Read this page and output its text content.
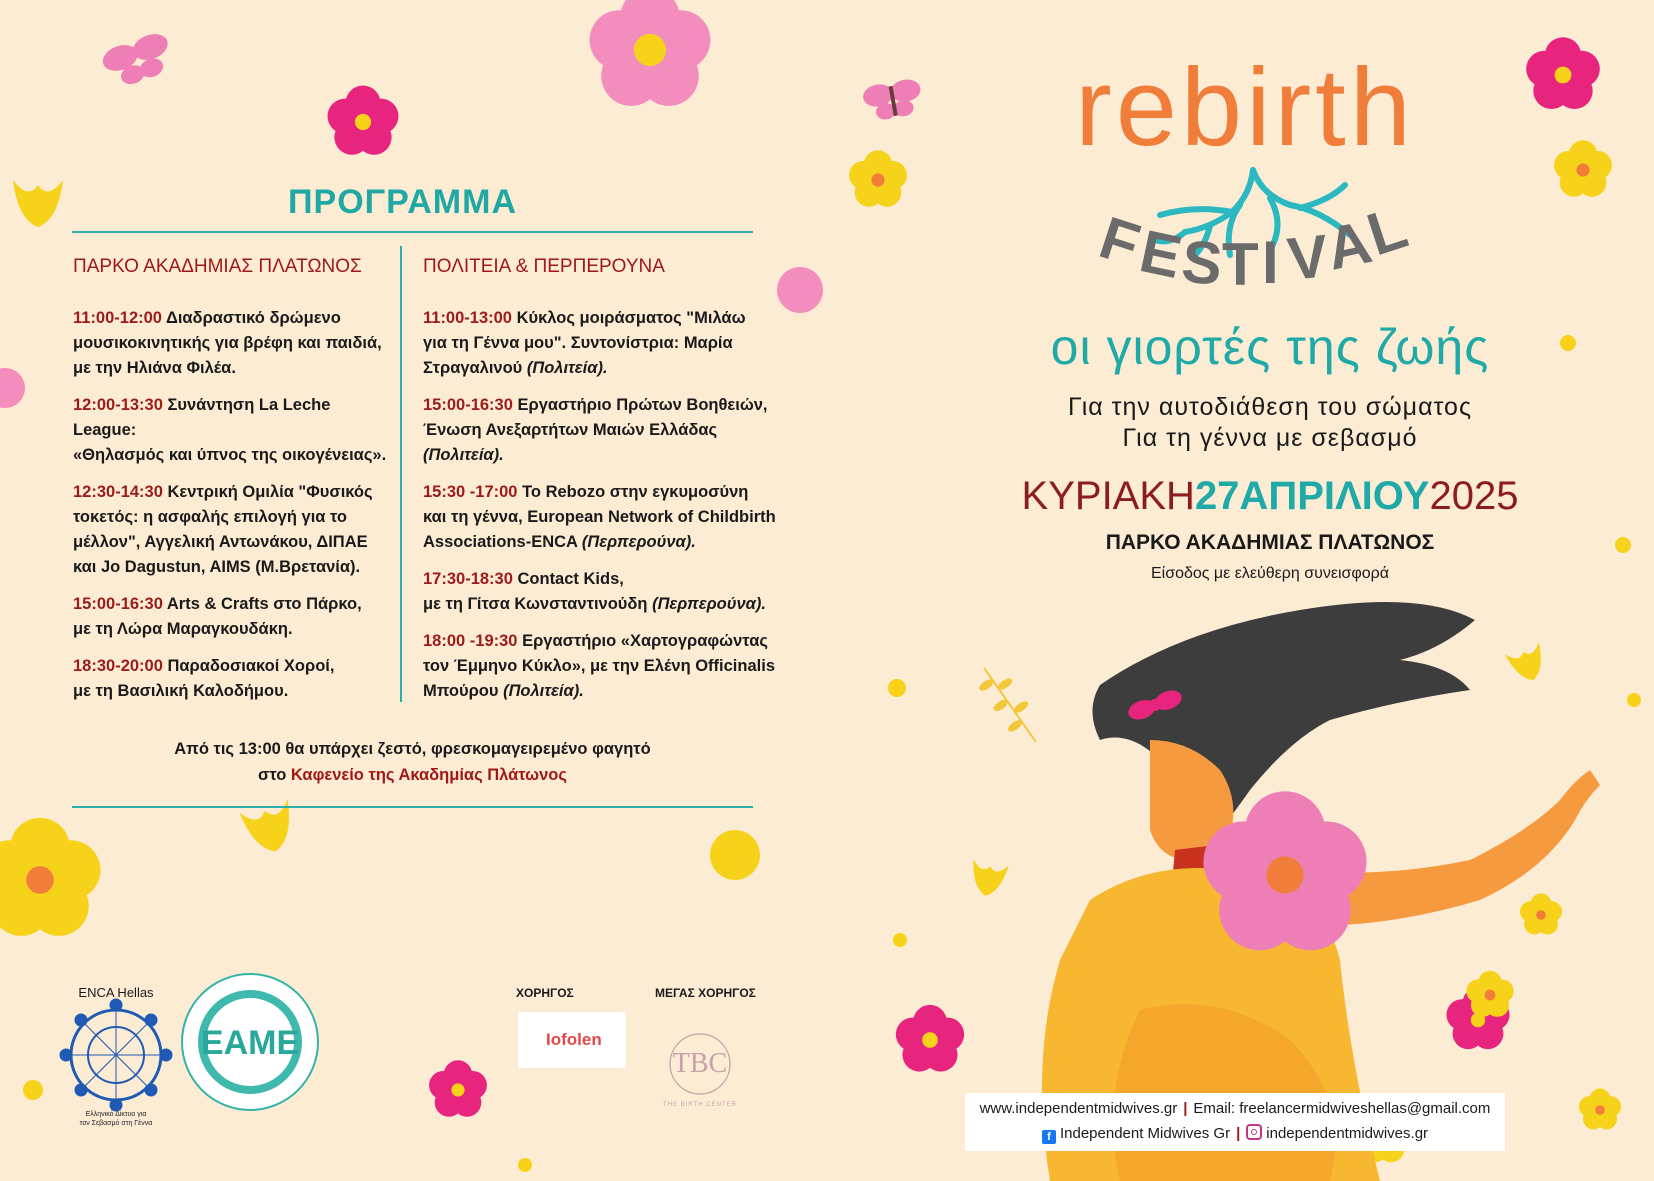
rebirth
F
E
S
T I V
A
L
ΕΑΜΕ
TBC
ΠΡΟΓΡΑΜΜΑ
ΠΑΡΚΟ ΑΚΑΔΗΜΙΑΣ ΠΛΑΤΩΝΟΣ	ΠΟΛΙΤΕΙΑ & ΠΕΡΠΕΡΟΥΝΑ
11:00-12:00 Διαδραστικό δρώμενο
μουσικοκινητικής για βρέφη και παιδιά,
με την Ηλιάνα Φιλέα.
12:00-13:30 Συνάντηση La Leche League:
«Θηλασμός και ύπνος της οικογένειας».
12:30-14:30 Κεντρική Ομιλία "Φυσικός
τοκετός: η ασφαλής επιλογή για το
μέλλον", Αγγελική Αντωνάκου, ΔΙΠΑΕ
και Jo Dagustun, AIMS (Μ.Βρετανία).
15:00-16:30 Arts & Crafts στο Πάρκο,
με τη Λώρα Μαραγκουδάκη.
18:30-20:00 Παραδοσιακοί Χοροί,
με τη Βασιλική Καλοδήμου.
11:00-13:00 Κύκλος μοιράσματος "Μιλάω
για τη Γέννα μου". Συντονίστρια: Μαρία
Στραγαλινού (Πολιτεία).
15:00-16:30 Εργαστήριο Πρώτων Βοηθειών,
Ένωση Ανεξαρτήτων Μαιών Ελλάδας
(Πολιτεία).
15:30 -17:00 Το Rebozo στην εγκυμοσύνη
και τη γέννα, European Network of Childbirth
Associations-ENCA (Περπερούνα).
17:30-18:30 Contact Kids,
με τη Γίτσα Κωνσταντινούδη (Περπερούνα).
18:00 -19:30 Εργαστήριο «Χαρτογραφώντας
τον Έμμηνο Κύκλο», με την Ελένη Officinalis
Μπούρου (Πολιτεία).
Από τις 13:00 θα υπάρχει ζεστό, φρεσκομαγειρεμένο φαγητό
στο Καφενείο της Ακαδημίας Πλάτωνος
ENCA Hellas
Ελληνικό Δίκτυο για
τον Σεβασμό στη Γέννα
ΧΟΡΗΓΟΣ	ΜΕΓΑΣ ΧΟΡΗΓΟΣ
Iofolen
THE BIRTH CENTER
οι γιορτές της ζωής
Για την αυτοδιάθεση του σώματος
Για τη γέννα με σεβασμό
ΚΥΡΙΑΚΗ27ΑΠΡΙΛΙΟΥ2025
ΠΑΡΚΟ ΑΚΑΔΗΜΙΑΣ ΠΛΑΤΩΝΟΣ
Είσοδος με ελεύθερη συνεισφορά
www.independentmidwives.gr | Email: freelancermidwiveshellas@gmail.com
f Independent Midwives Gr | independentmidwives.gr
